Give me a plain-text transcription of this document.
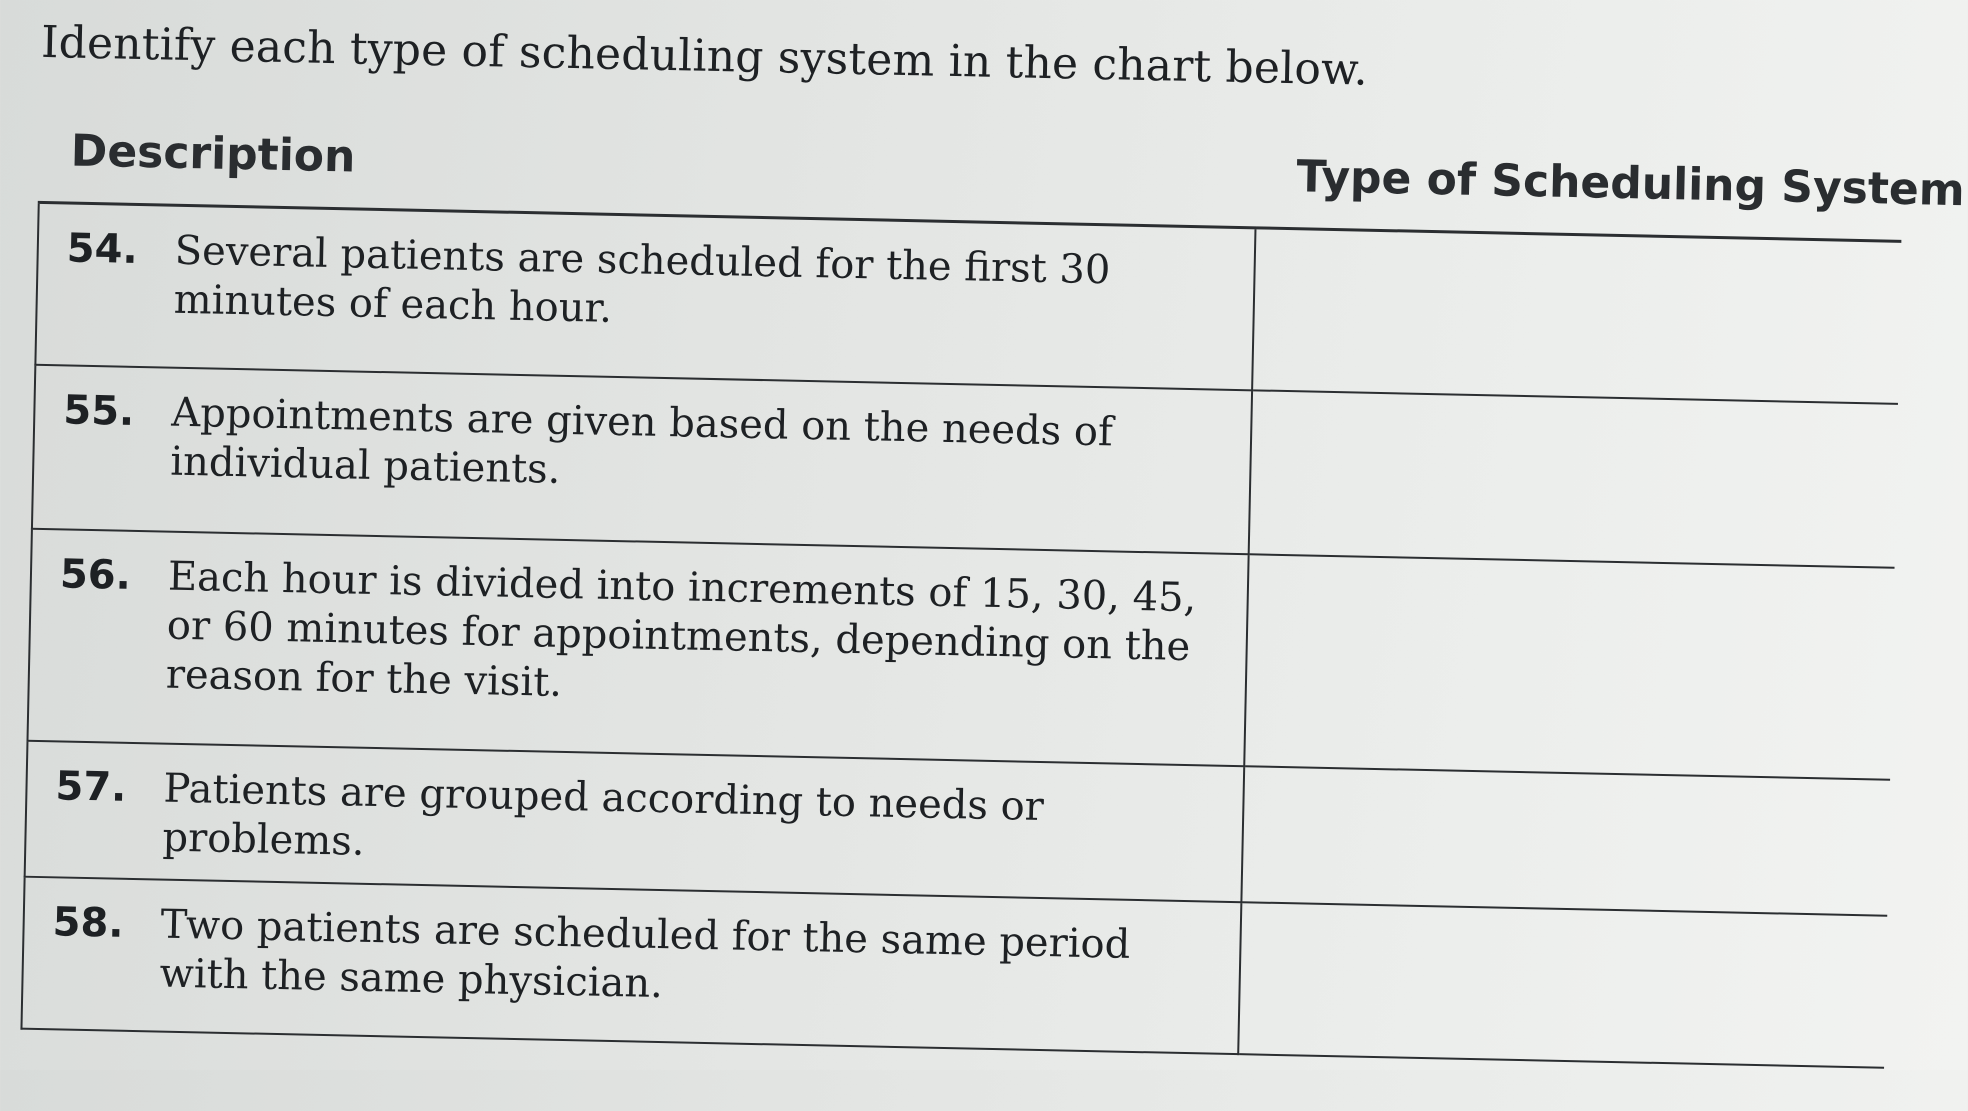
Identify each type of scheduling system in the chart below.
Description	Type of Scheduling System
54. Several patients are scheduled for the first 30 minutes of each hour.	

55. Appointments are given based on the needs of individual patients.	

56. Each hour is divided into increments of 15, 30, 45, or 60 minutes for appointments, depending on the reason for the visit.	

57. Patients are grouped according to needs or problems.	

58. Two patients are scheduled for the same period with the same physician.	
